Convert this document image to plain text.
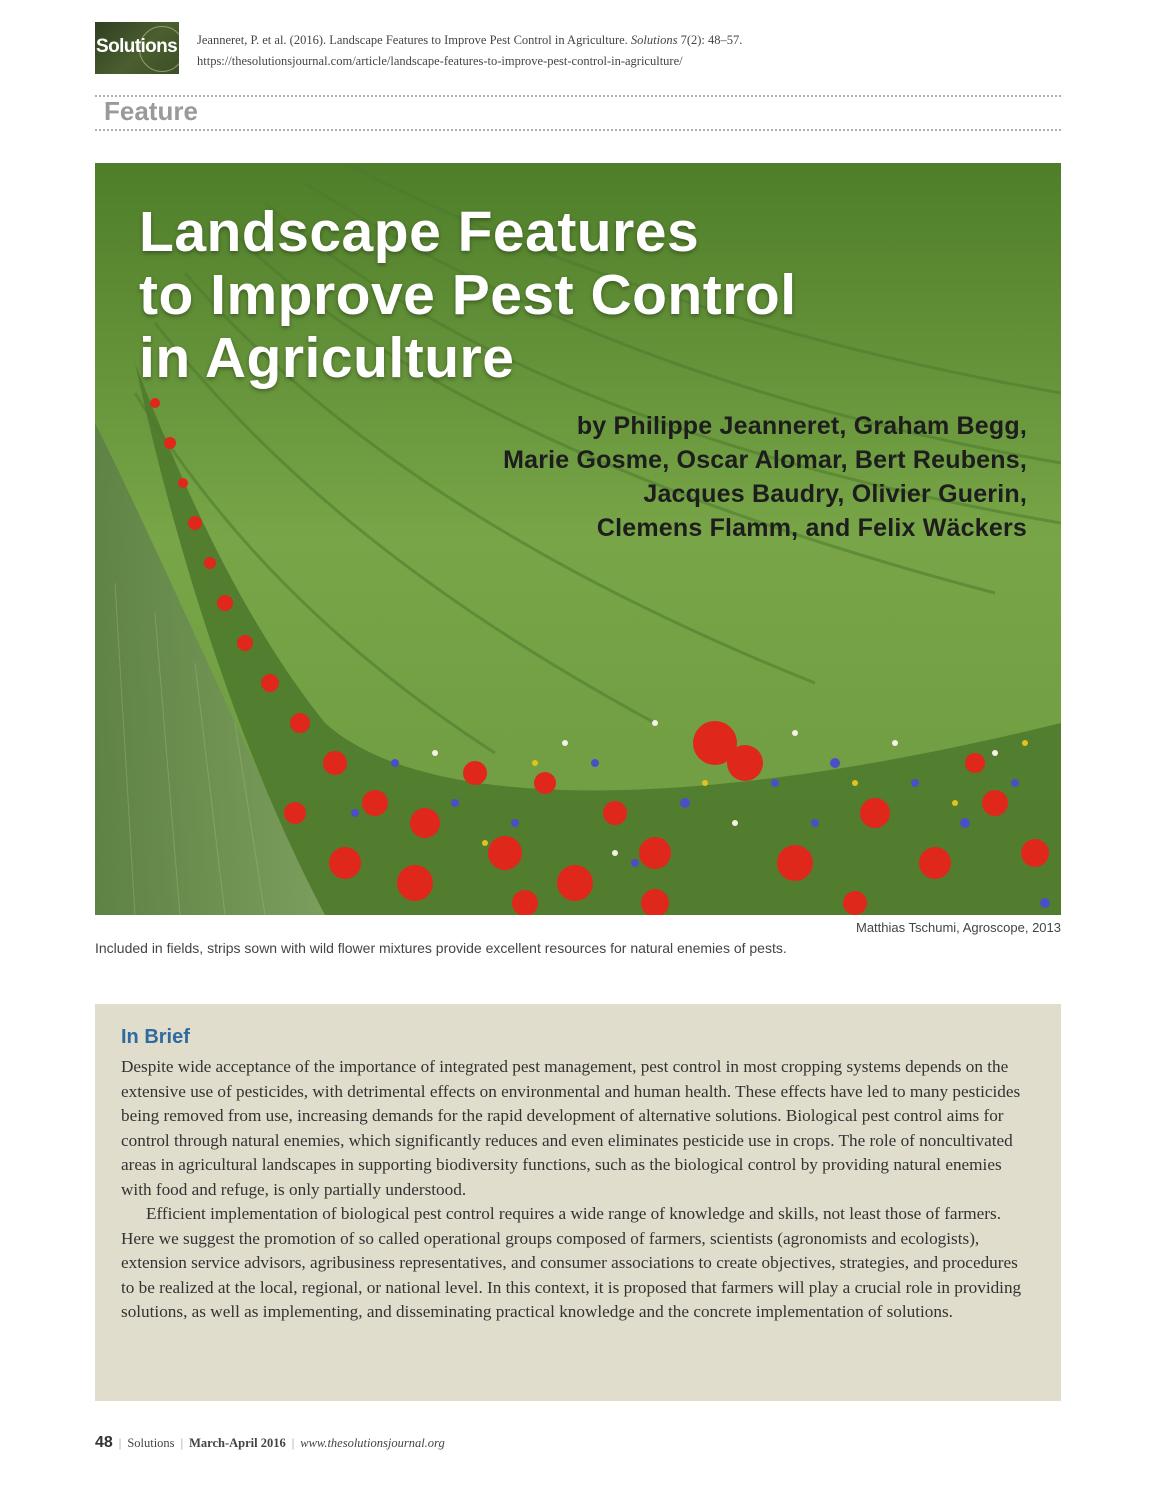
Solutions Jeanneret, P. et al. (2016). Landscape Features to Improve Pest Control in Agriculture. Solutions 7(2): 48–57.
https://thesolutionsjournal.com/article/landscape-features-to-improve-pest-control-in-agriculture/
Feature
Landscape Features
to Improve Pest Control
in Agriculture
by Philippe Jeanneret, Graham Begg,
Marie Gosme, Oscar Alomar, Bert Reubens,
Jacques Baudry, Olivier Guerin,
Clemens Flamm, and Felix Wäckers
Matthias Tschumi, Agroscope, 2013
Included in fields, strips sown with wild flower mixtures provide excellent resources for natural enemies of pests.
In Brief

Despite wide acceptance of the importance of integrated pest management, pest control in most cropping systems depends on the extensive use of pesticides, with detrimental effects on environmental and human health. These effects have led to many pesticides being removed from use, increasing demands for the rapid development of alternative solutions. Biological pest control aims for control through natural enemies, which significantly reduces and even eliminates pesticide use in crops. The role of noncultivated areas in agricultural landscapes in supporting biodiversity functions, such as the biological control by providing natural enemies with food and refuge, is only partially understood.

Efficient implementation of biological pest control requires a wide range of knowledge and skills, not least those of farmers. Here we suggest the promotion of so called operational groups composed of farmers, scientists (agronomists and ecologists), extension service advisors, agribusiness representatives, and consumer associations to create objectives, strategies, and procedures to be realized at the local, regional, or national level. In this context, it is proposed that farmers will play a crucial role in providing solutions, as well as implementing, and disseminating practical knowledge and the concrete implementation of solutions.

48 | Solutions | March-April 2016 | www.thesolutionsjournal.org
